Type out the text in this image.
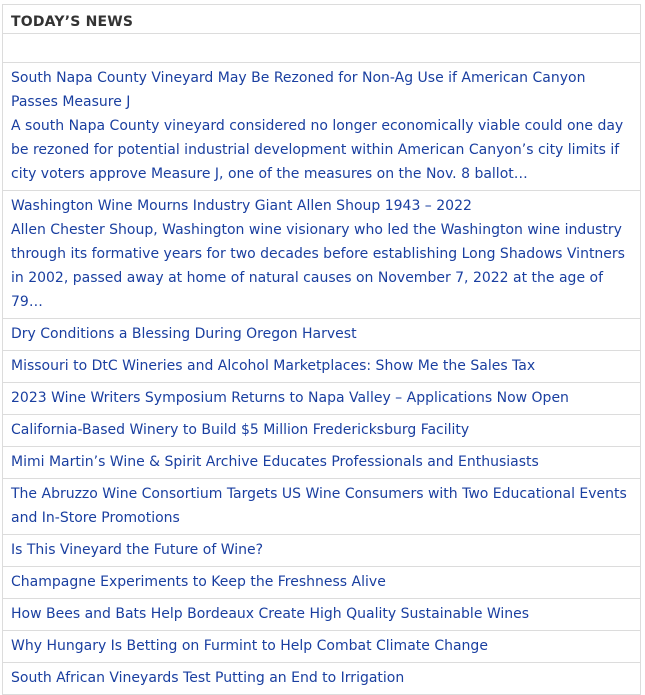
TODAY’S NEWS
South Napa County Vineyard May Be Rezoned for Non-Ag Use if American Canyon Passes Measure J
A south Napa County vineyard considered no longer economically viable could one day be rezoned for potential industrial development within American Canyon’s city limits if city voters approve Measure J, one of the measures on the Nov. 8 ballot…
Washington Wine Mourns Industry Giant Allen Shoup 1943 – 2022
Allen Chester Shoup, Washington wine visionary who led the Washington wine industry through its formative years for two decades before establishing Long Shadows Vintners in 2002, passed away at home of natural causes on November 7, 2022 at the age of 79…
Dry Conditions a Blessing During Oregon Harvest
Missouri to DtC Wineries and Alcohol Marketplaces: Show Me the Sales Tax
2023 Wine Writers Symposium Returns to Napa Valley – Applications Now Open
California-Based Winery to Build $5 Million Fredericksburg Facility
Mimi Martin’s Wine & Spirit Archive Educates Professionals and Enthusiasts
The Abruzzo Wine Consortium Targets US Wine Consumers with Two Educational Events and In-Store Promotions
Is This Vineyard the Future of Wine?
Champagne Experiments to Keep the Freshness Alive
How Bees and Bats Help Bordeaux Create High Quality Sustainable Wines
Why Hungary Is Betting on Furmint to Help Combat Climate Change
South African Vineyards Test Putting an End to Irrigation
